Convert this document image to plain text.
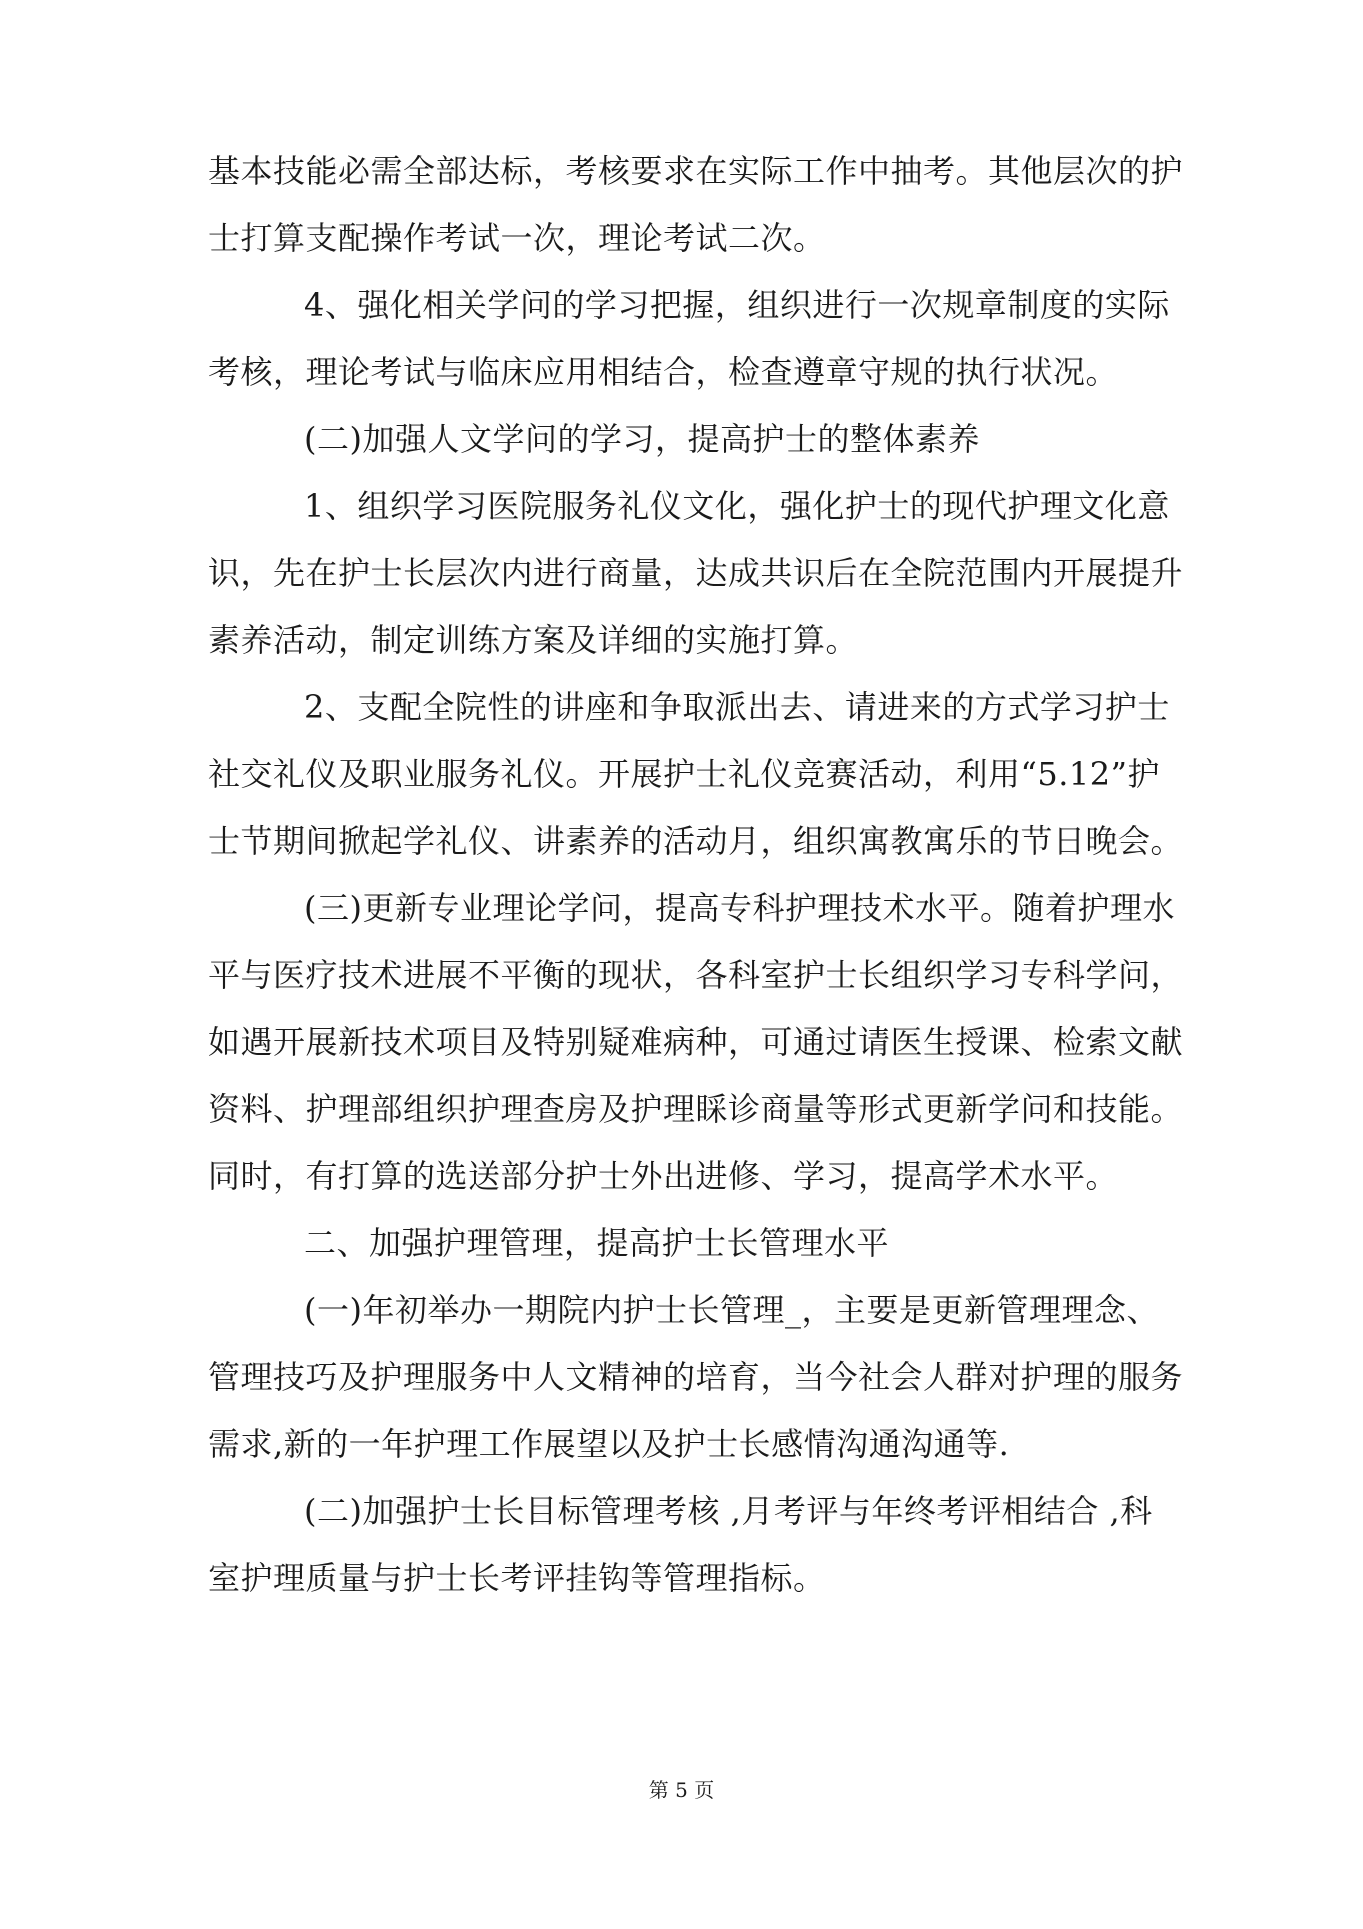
基本技能必需全部达标，考核要求在实际工作中抽考。其他层次的护
士打算支配操作考试一次，理论考试二次。
4、强化相关学问的学习把握，组织进行一次规章制度的实际
考核，理论考试与临床应用相结合，检查遵章守规的执行状况。
(二)加强人文学问的学习，提高护士的整体素养
1、组织学习医院服务礼仪文化，强化护士的现代护理文化意
识，先在护士长层次内进行商量，达成共识后在全院范围内开展提升
素养活动，制定训练方案及详细的实施打算。
2、支配全院性的讲座和争取派出去、请进来的方式学习护士
社交礼仪及职业服务礼仪。开展护士礼仪竞赛活动，利用“5.12”护
士节期间掀起学礼仪、讲素养的活动月，组织寓教寓乐的节日晚会。
(三)更新专业理论学问，提高专科护理技术水平。随着护理水
平与医疗技术进展不平衡的现状，各科室护士长组织学习专科学问，
如遇开展新技术项目及特别疑难病种，可通过请医生授课、检索文献
资料、护理部组织护理查房及护理睬诊商量等形式更新学问和技能。
同时，有打算的选送部分护士外出进修、学习，提高学术水平。
二、加强护理管理，提高护士长管理水平
(一)年初举办一期院内护士长管理_，主要是更新管理理念、
管理技巧及护理服务中人文精神的培育，当今社会人群对护理的服务
需求,新的一年护理工作展望以及护士长感情沟通沟通等.
(二)加强护士长目标管理考核 ,月考评与年终考评相结合 ,科
室护理质量与护士长考评挂钩等管理指标。
第 5 页
